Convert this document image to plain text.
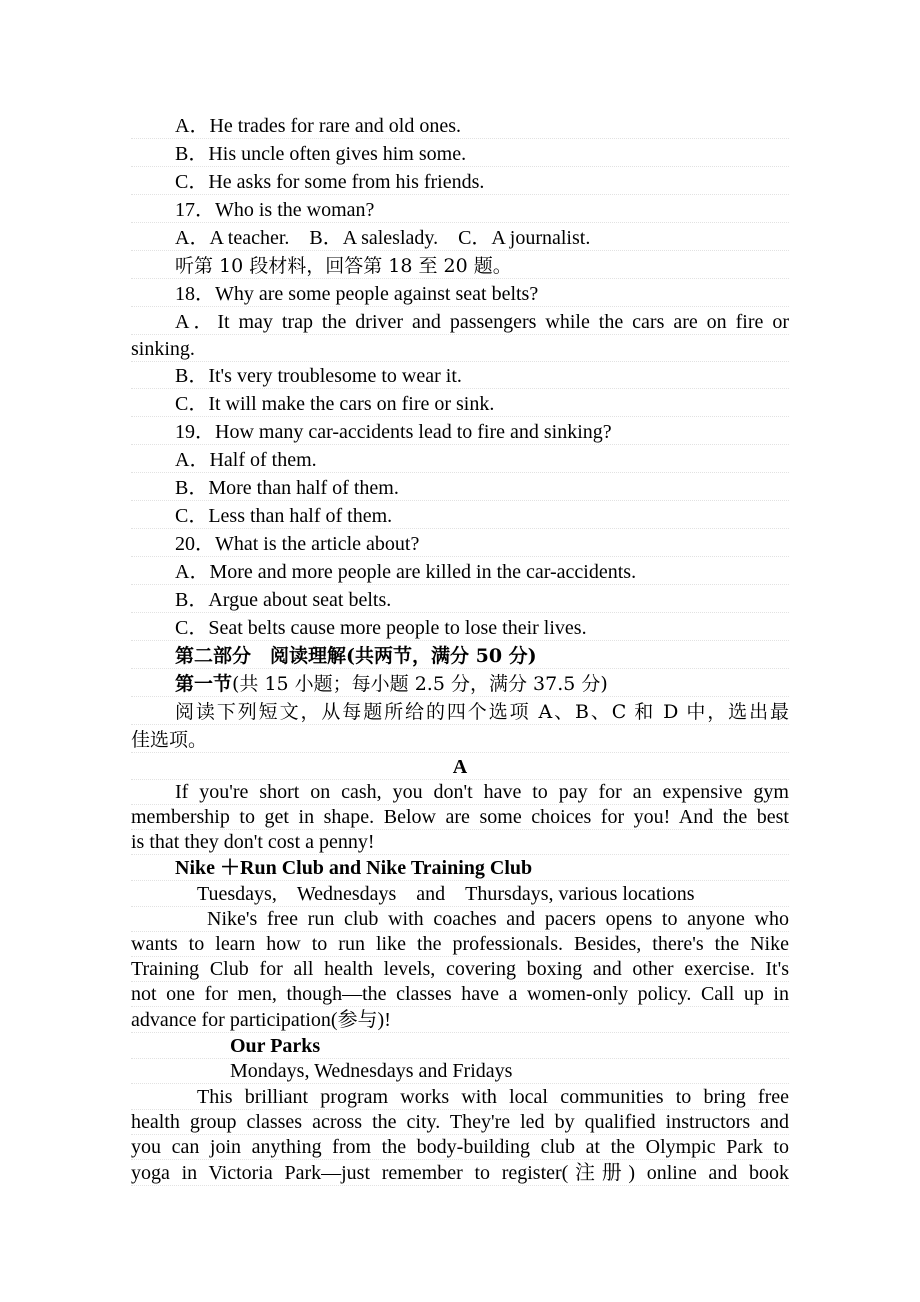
A．He trades for rare and old ones.
B．His uncle often gives him some.
C．He asks for some from his friends.
17．Who is the woman?
A．A teacher.　B．A saleslady.　C．A journalist.
听第 10 段材料，回答第 18 至 20 题。
18．Why are some people against seat belts?
A．It may trap the driver and passengers while the cars are on fire or
sinking.
B．It's very troublesome to wear it.
C．It will make the cars on fire or sink.
19．How many car-accidents lead to fire and sinking?
A．Half of them.
B．More than half of them.
C．Less than half of them.
20．What is the article about?
A．More and more people are killed in the car-accidents.
B．Argue about seat belts.
C．Seat belts cause more people to lose their lives.
第二部分　阅读理解(共两节，满分 50 分)
第一节(共 15 小题；每小题 2.5 分，满分 37.5 分)
阅读下列短文，从每题所给的四个选项 A、B、C 和 D 中，选出最
佳选项。
A
If you're short on cash, you don't have to pay for an expensive gym
membership to get in shape. Below are some choices for you! And the best
is that they don't cost a penny!
Nike ＋Run Club and Nike Training Club
Tuesdays,　Wednesdays　and　Thursdays, various locations
Nike's free run club with coaches and pacers opens to anyone who
wants to learn how to run like the professionals. Besides, there's the Nike
Training Club for all health levels, covering boxing and other exercise. It's
not one for men, though—the classes have a women-only policy. Call up in
advance for participation(参与)!
Our Parks
Mondays, Wednesdays and Fridays
This brilliant program works with local communities to bring free
health group classes across the city. They're led by qualified instructors and
you can join anything from the body-building club at the Olympic Park to
yoga in Victoria Park—just remember to register(注册) online and book
